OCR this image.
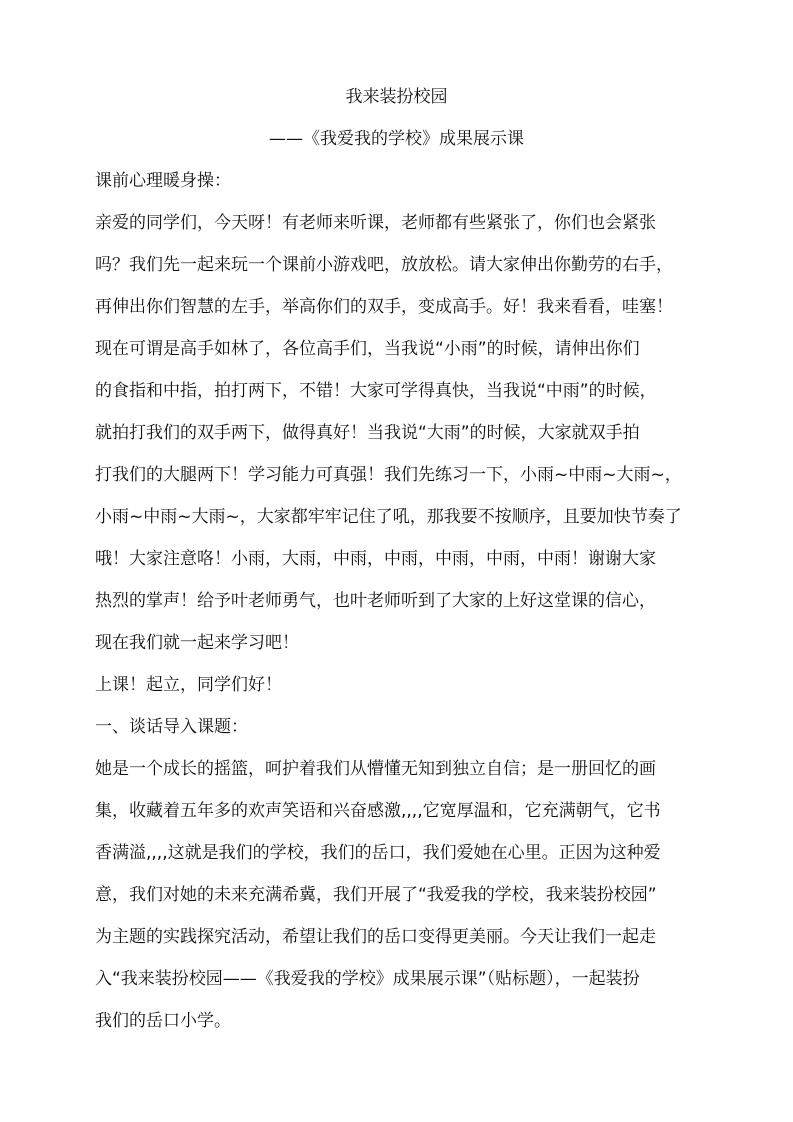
我来装扮校园
——《我爱我的学校》成果展示课
课前心理暖身操：
亲爱的同学们，今天呀！有老师来听课，老师都有些紧张了，你们也会紧张
吗？我们先一起来玩一个课前小游戏吧，放放松。请大家伸出你勤劳的右手，
再伸出你们智慧的左手，举高你们的双手，变成高手。好！我来看看，哇塞！
现在可谓是高手如林了，各位高手们，当我说“小雨”的时候，请伸出你们
的食指和中指，拍打两下，不错！大家可学得真快，当我说“中雨”的时候，
就拍打我们的双手两下，做得真好！当我说“大雨”的时候，大家就双手拍
打我们的大腿两下！学习能力可真强！我们先练习一下，小雨~中雨~大雨~，
小雨~中雨~大雨~，大家都牢牢记住了吼，那我要不按顺序，且要加快节奏了
哦！大家注意咯！小雨，大雨，中雨，中雨，中雨，中雨，中雨！谢谢大家
热烈的掌声！给予叶老师勇气，也叶老师听到了大家的上好这堂课的信心，
现在我们就一起来学习吧！
上课！起立，同学们好！
一、谈话导入课题：
她是一个成长的摇篮，呵护着我们从懵懂无知到独立自信；是一册回忆的画
集，收藏着五年多的欢声笑语和兴奋感激,,,,它宽厚温和，它充满朝气，它书
香满溢,,,,这就是我们的学校，我们的岳口，我们爱她在心里。正因为这种爱
意，我们对她的未来充满希冀，我们开展了“我爱我的学校，我来装扮校园”
为主题的实践探究活动，希望让我们的岳口变得更美丽。今天让我们一起走
入“我来装扮校园——《我爱我的学校》成果展示课”（贴标题），一起装扮
我们的岳口小学。
